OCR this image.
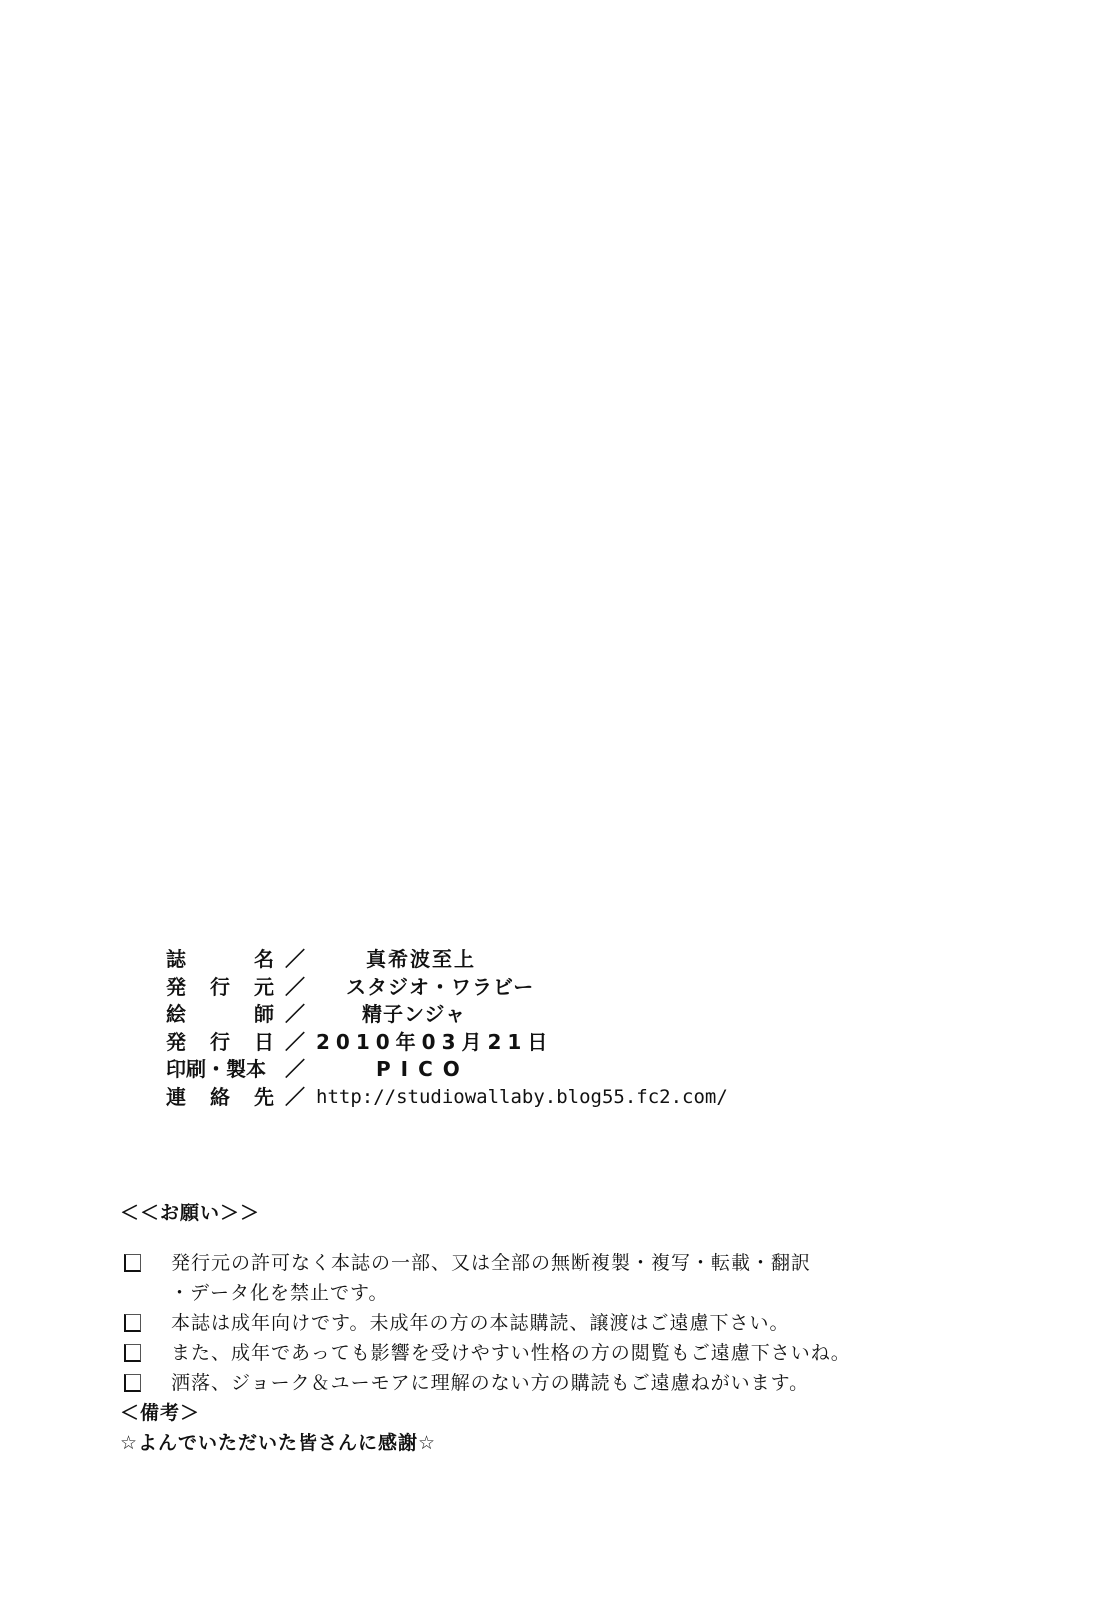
誌	名 ／	真希波至上
発 行 元 ／	スタジオ・ワラビー
絵	師 ／	精子ンジャ
発 行 日 ／ 2010年03月21日
印刷・製本 ／	PICO
連 絡 先 ／ http://studiowallaby.blog55.fc2.com/
＜＜お願い＞＞
発行元の許可なく本誌の一部、又は全部の無断複製・複写・転載・翻訳
・データ化を禁止です。
本誌は成年向けです。未成年の方の本誌購読、譲渡はご遠慮下さい。
また、成年であっても影響を受けやすい性格の方の閲覧もご遠慮下さいね。
洒落、ジョーク＆ユーモアに理解のない方の購読もご遠慮ねがいます。
＜備考＞
☆よんでいただいた皆さんに感謝☆
